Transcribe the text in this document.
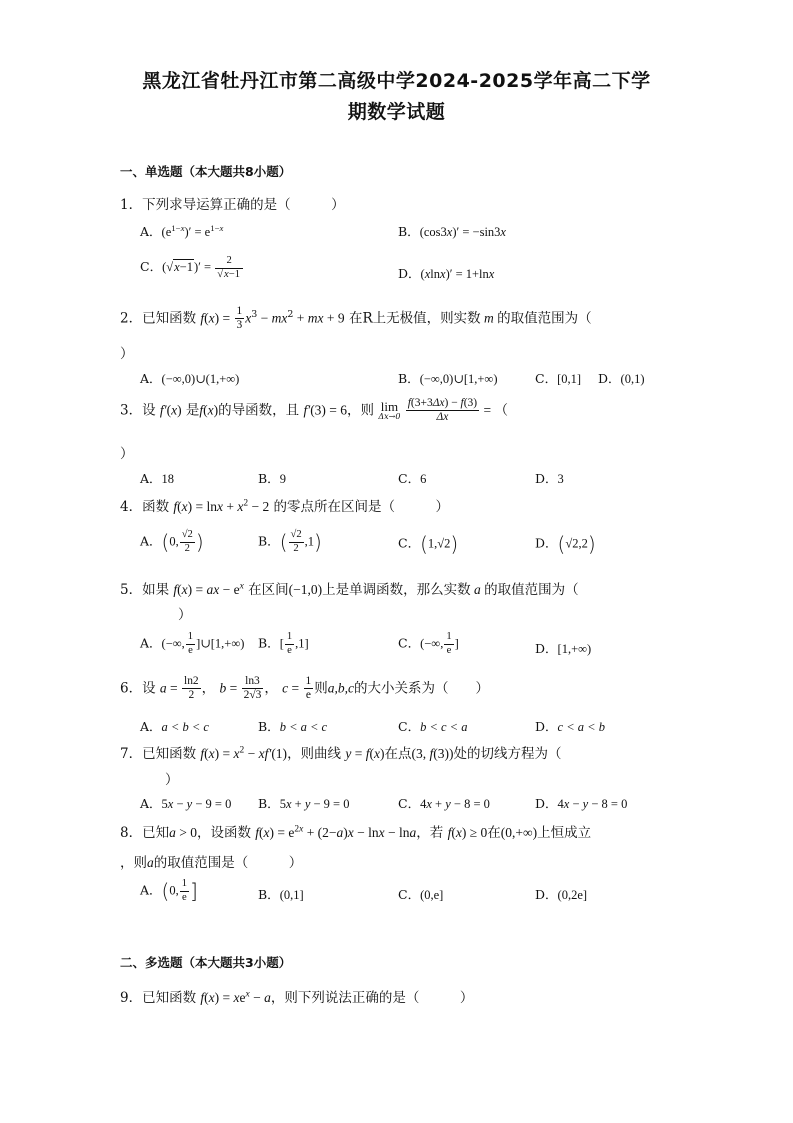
黑龙江省牡丹江市第二高级中学2024-2025学年高二下学
期数学试题
一、单选题（本大题共8小题）
1．下列求导运算正确的是（　　　）
A．$(e^{1-x})' = e^{1-x}$	B．(cos3x)′ = −sin3x
C．$(√x-1)' = \frac{2}{√x-1}$	D．(xlnx)′ = 1+lnx
2．已知函数 $f(x) = \frac{1}{3} x^3 - mx^2$ + mx + 9 在R上无极值，则实数 m 的取值范围为（
）
A．(−∞,0)∪(1,+∞)	B．(−∞,0)∪[1,+∞)	C．[0,1] D．(0,1)
3．设 f′(x) 是f(x)的导函数，且 f′(3) = 6，则 lim
Δx→0
$\frac{f(3+3\Delta x) - f(3)}{\Delta x}$ = （
）
A．18	B．9	C．6	D．3
4．函数 $f(x) = \ln x + x^2 - 2$ 的零点所在区间是（　　　）
A．(0, $\frac{√2}{2}$ )	B．( $\frac{√2}{2} ,1$)	C．(1,√2)	D．(√2,2)
5．如果 f(x) = ax − $e^x$ 在区间(−1,0)上是单调函数，那么实数 a 的取值范围为（
）
A．(−∞, $\frac{1}{e}$ ]∪[1,+∞) B．[ $\frac{1}{e} ,1$]	C．(−∞, $\frac{1}{e}$ ]	D．[1,+∞)
6．设 $a = \frac{\ln 2}{2}$ ， $b = \frac{\ln 3}{2√3}$ ， $c = \frac{1}{e}$ 则a,b,c的大小关系为（　　）
A．a < b < c	B．b < a < c	C．b < c < a	D．c < a < b
7．已知函数 $f(x) = x^2 - xf'(1)$，则曲线 y = f(x)在点(3, f(3))处的切线方程为（
）
A．5x − y − 9 = 0 B．5x + y − 9 = 0	C．4x + y − 8 = 0	D．4x − y − 8 = 0
8．已知a > 0，设函数 $f(x) = e^{2x} + (2-a)x - \ln x - \ln a$，若 f(x) ≥ 0在(0,+∞)上恒成立
，则a的取值范围是（　　　）
A．(0, $\frac{1}{e}$ ]	B．(0,1]	C．(0,e]	D．(0,2e]
二、多选题（本大题共3小题）
9．已知函数 $f(x) = xe^x - a$，则下列说法正确的是（　　　）
